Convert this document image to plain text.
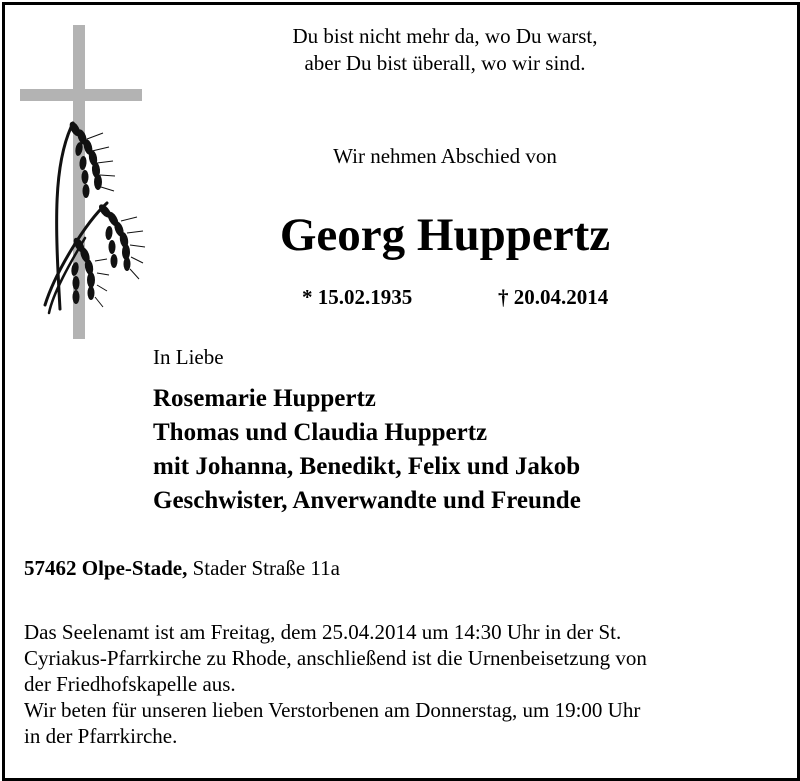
Du bist nicht mehr da, wo Du warst,
aber Du bist überall, wo wir sind.
Wir nehmen Abschied von
Georg Huppertz
* 15.02.1935	† 20.04.2014
In Liebe
Rosemarie Huppertz
Thomas und Claudia Huppertz
mit Johanna, Benedikt, Felix und Jakob
Geschwister, Anverwandte und Freunde
57462 Olpe-Stade, Stader Straße 11a
Das Seelenamt ist am Freitag, dem 25.04.2014 um 14:30 Uhr in der St.
Cyriakus-Pfarrkirche zu Rhode, anschließend ist die Urnenbeisetzung von
der Friedhofskapelle aus.
Wir beten für unseren lieben Verstorbenen am Donnerstag, um 19:00 Uhr
in der Pfarrkirche.
